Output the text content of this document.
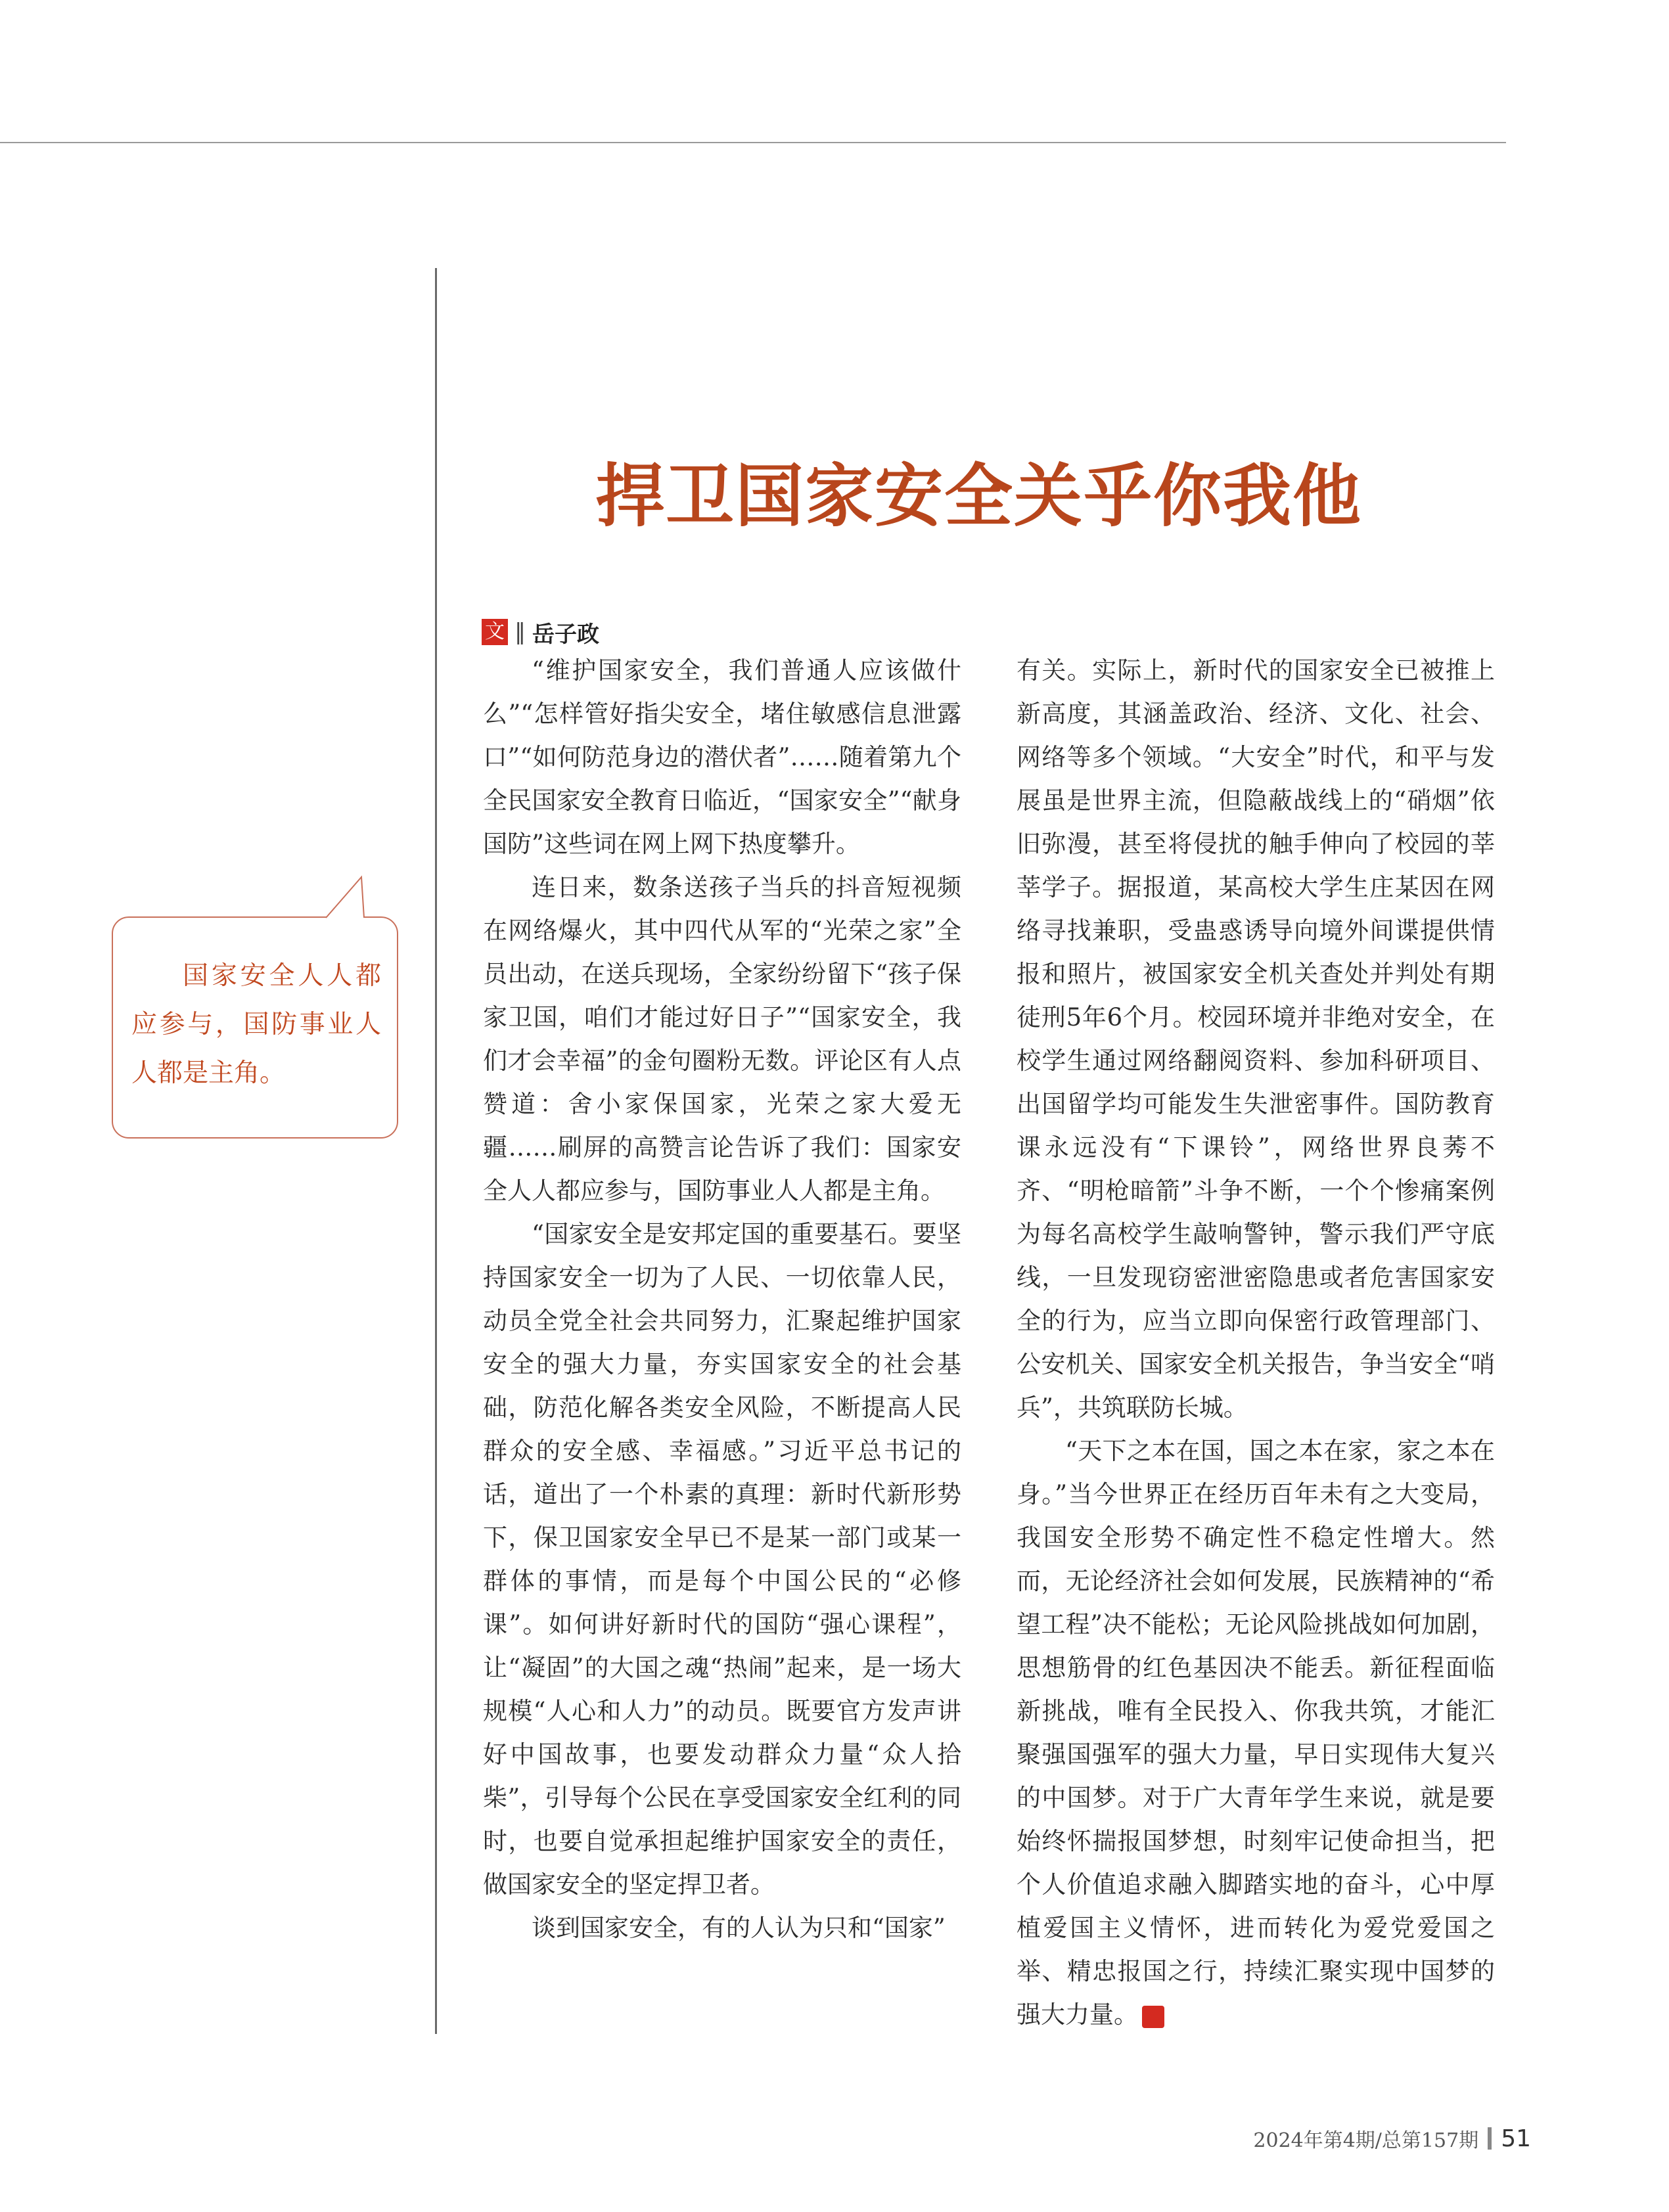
捍卫国家安全关乎你我他
文 ‖ 岳子政

国家安全人人都应参与，国防事业人人都是主角。

“维护国家安全，我们普通人应该做什么”“怎样管好指尖安全，堵住敏感信息泄露口”“如何防范身边的潜伏者”……随着第九个全民国家安全教育日临近，“国家安全”“献身国防”这些词在网上网下热度攀升。

连日来，数条送孩子当兵的抖音短视频在网络爆火，其中四代从军的“光荣之家”全员出动，在送兵现场，全家纷纷留下“孩子保家卫国，咱们才能过好日子”“国家安全，我们才会幸福”的金句圈粉无数。评论区有人点赞道：舍小家保国家，光荣之家大爱无疆……刷屏的高赞言论告诉了我们：国家安全人人都应参与，国防事业人人都是主角。

“国家安全是安邦定国的重要基石。要坚持国家安全一切为了人民、一切依靠人民，动员全党全社会共同努力，汇聚起维护国家安全的强大力量，夯实国家安全的社会基础，防范化解各类安全风险，不断提高人民群众的安全感、幸福感。”习近平总书记的话，道出了一个朴素的真理：新时代新形势下，保卫国家安全早已不是某一部门或某一群体的事情，而是每个中国公民的“必修课”。如何讲好新时代的国防“强心课程”，让“凝固”的大国之魂“热闹”起来，是一场大规模“人心和人力”的动员。既要官方发声讲好中国故事，也要发动群众力量“众人拾柴”，引导每个公民在享受国家安全红利的同时，也要自觉承担起维护国家安全的责任，做国家安全的坚定捍卫者。

谈到国家安全，有的人认为只和“国家”

有关。实际上，新时代的国家安全已被推上新高度，其涵盖政治、经济、文化、社会、网络等多个领域。“大安全”时代，和平与发展虽是世界主流，但隐蔽战线上的“硝烟”依旧弥漫，甚至将侵扰的触手伸向了校园的莘莘学子。据报道，某高校大学生庄某因在网络寻找兼职，受蛊惑诱导向境外间谍提供情报和照片，被国家安全机关查处并判处有期徒刑5年6个月。校园环境并非绝对安全，在校学生通过网络翻阅资料、参加科研项目、出国留学均可能发生失泄密事件。国防教育课永远没有“下课铃”，网络世界良莠不齐、“明枪暗箭”斗争不断，一个个惨痛案例为每名高校学生敲响警钟，警示我们严守底线，一旦发现窃密泄密隐患或者危害国家安全的行为，应当立即向保密行政管理部门、公安机关、国家安全机关报告，争当安全“哨兵”，共筑联防长城。

“天下之本在国，国之本在家，家之本在身。”当今世界正在经历百年未有之大变局，我国安全形势不确定性不稳定性增大。然而，无论经济社会如何发展，民族精神的“希望工程”决不能松；无论风险挑战如何加剧，思想筋骨的红色基因决不能丢。新征程面临新挑战，唯有全民投入、你我共筑，才能汇聚强国强军的强大力量，早日实现伟大复兴的中国梦。对于广大青年学生来说，就是要始终怀揣报国梦想，时刻牢记使命担当，把个人价值追求融入脚踏实地的奋斗，心中厚植爱国主义情怀，进而转化为爱党爱国之举、精忠报国之行，持续汇聚实现中国梦的强大力量。	G

2024年第4期/总第157期 51
